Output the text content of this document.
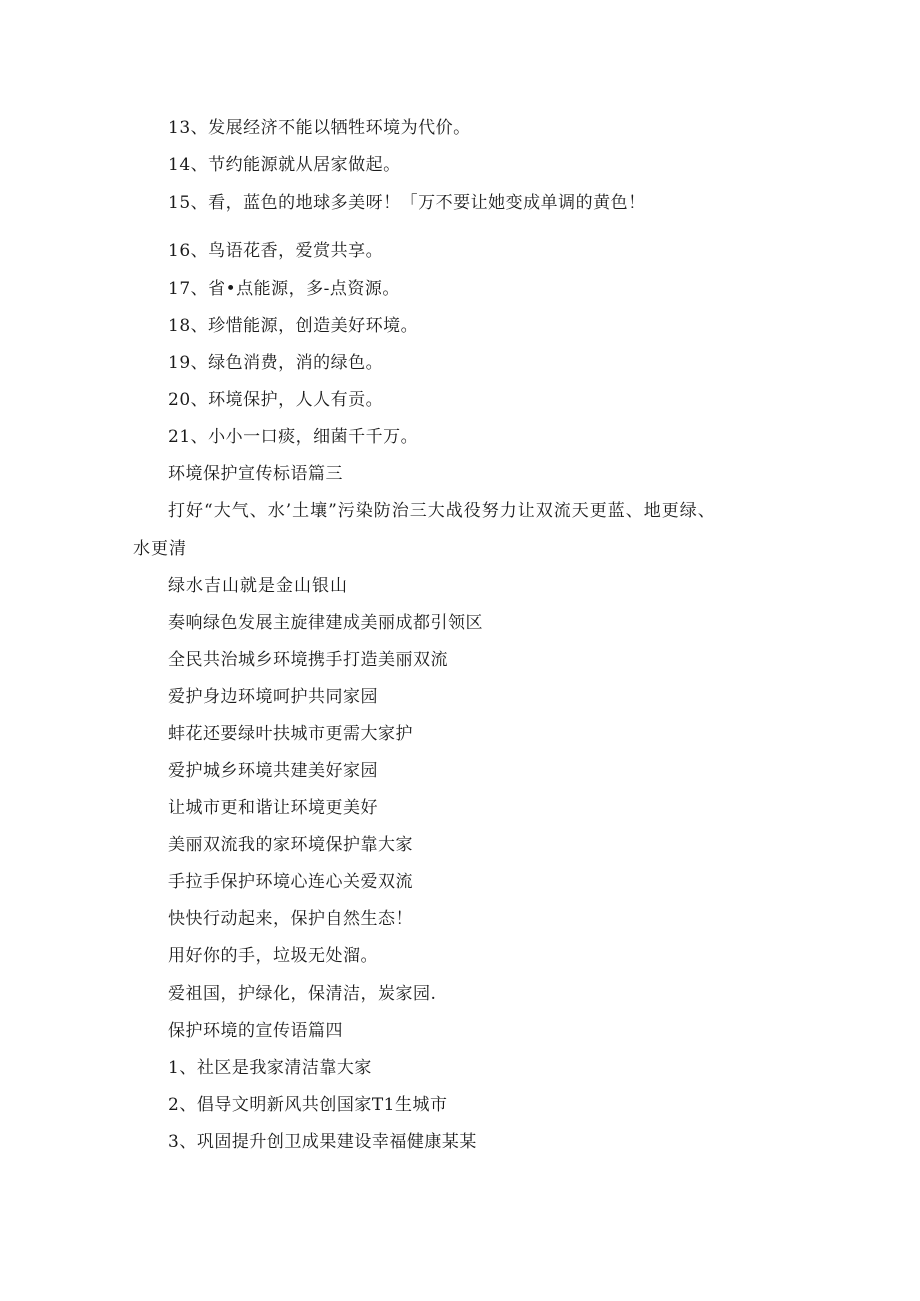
13、发展经济不能以牺牲环境为代价。
14、节约能源就从居家做起。
15、看，蓝色的地球多美呀！「万不要让她变成单调的黄色！
16、鸟语花香，爱赏共享。
17、省•点能源，多-点资源。
18、珍惜能源，创造美好环境。
19、绿色消费，消的绿色。
20、环境保护，人人有贡。
21、小小一口痰，细菌千千万。
环境保护宣传标语篇三
打好“大气、水’土壤”污染防治三大战役努力让双流天更蓝、地更绿、
水更清
绿水吉山就是金山银山
奏响绿色发展主旋律建成美丽成都引领区
全民共治城乡环境携手打造美丽双流
爱护身边环境呵护共同家园
蚌花还要绿叶扶城市更需大家护
爱护城乡环境共建美好家园
让城市更和谐让环境更美好
美丽双流我的家环境保护靠大家
手拉手保护环境心连心关爱双流
快快行动起来，保护自然生态！
用好你的手，垃圾无处溜。
爱祖国，护绿化，保清洁，炭家园.
保护环境的宣传语篇四
1、社区是我家清洁靠大家
2、倡导文明新风共创国家T1生城市
3、巩固提升创卫成果建设幸福健康某某
